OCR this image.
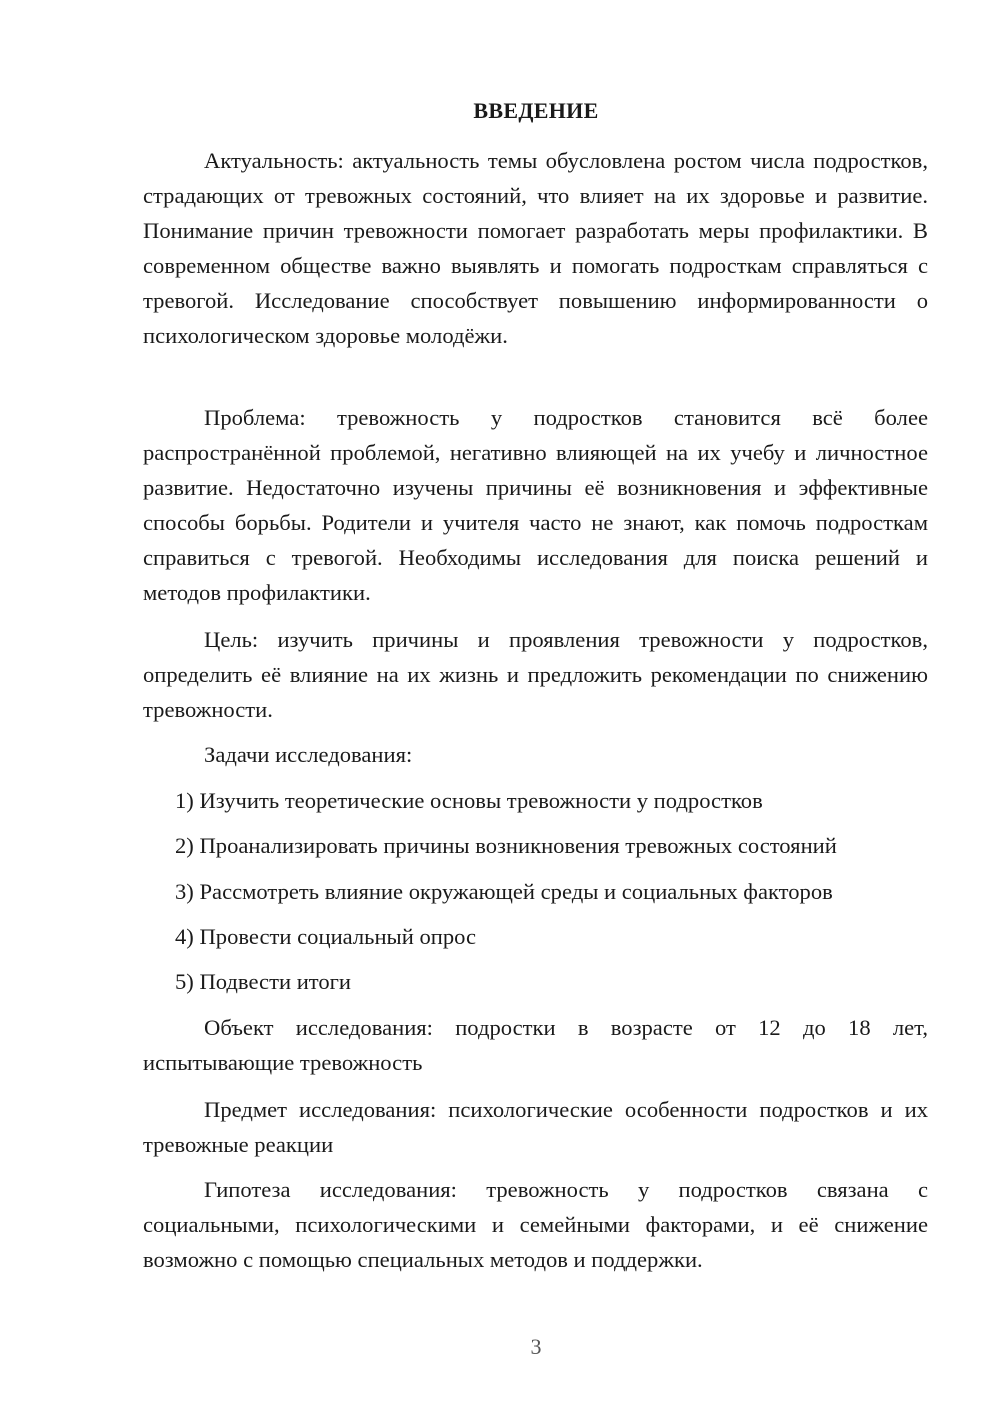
ВВЕДЕНИЕ

Актуальность: актуальность темы обусловлена ростом числа подростков, страдающих от тревожных состояний, что влияет на их здоровье и развитие. Понимание причин тревожности помогает разработать меры профилактики. В современном обществе важно выявлять и помогать подросткам справляться с тревогой. Исследование способствует повышению информированности о психологическом здоровье молодёжи.

Проблема: тревожность у подростков становится всё более распространённой проблемой, негативно влияющей на их учебу и личностное развитие. Недостаточно изучены причины её возникновения и эффективные способы борьбы. Родители и учителя часто не знают, как помочь подросткам справиться с тревогой. Необходимы исследования для поиска решений и методов профилактики.

Цель: изучить причины и проявления тревожности у подростков, определить её влияние на их жизнь и предложить рекомендации по снижению тревожности.

Задачи исследования:
1) Изучить теоретические основы тревожности у подростков
2) Проанализировать причины возникновения тревожных состояний
3) Рассмотреть влияние окружающей среды и социальных факторов
4) Провести социальный опрос
5) Подвести итоги

Объект исследования: подростки в возрасте от 12 до 18 лет, испытывающие тревожность

Предмет исследования: психологические особенности подростков и их тревожные реакции

Гипотеза исследования: тревожность у подростков связана с социальными, психологическими и семейными факторами, и её снижение возможно с помощью специальных методов и поддержки.

3
